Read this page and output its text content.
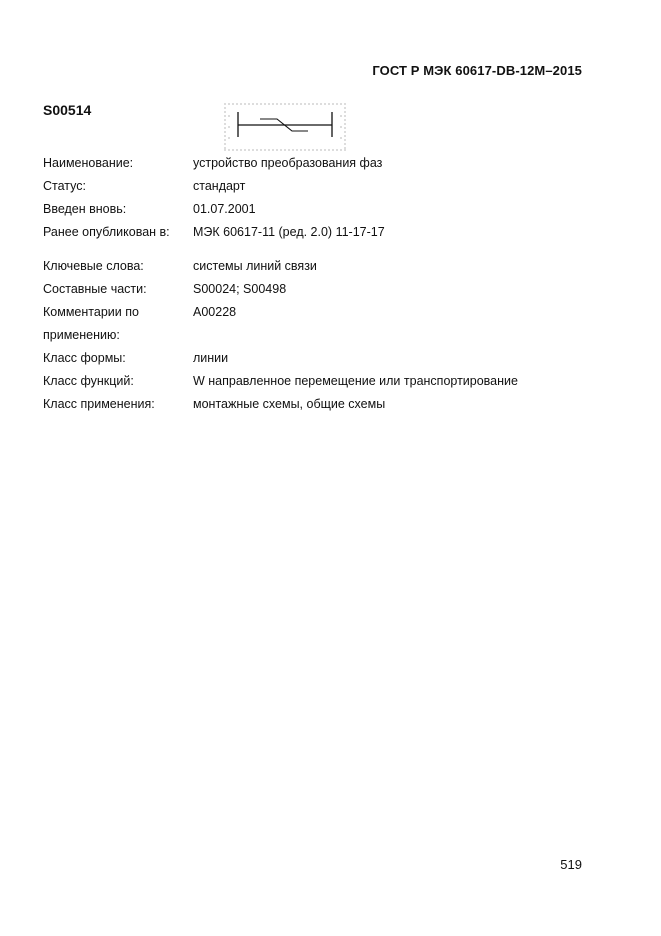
ГОСТ Р МЭК 60617-DB-12M–2015
S00514
Наименование:	устройство преобразования фаз
Статус:	стандарт
Введен вновь:	01.07.2001
Ранее опубликован в: МЭК 60617-11 (ред. 2.0) 11-17-17
Ключевые слова:	системы линий связи
Составные части:	S00024; S00498
Комментарии по	A00228
применению:
Класс формы:	линии
Класс функций:	W направленное перемещение или транспортирование
Класс применения:	монтажные схемы, общие схемы
519
